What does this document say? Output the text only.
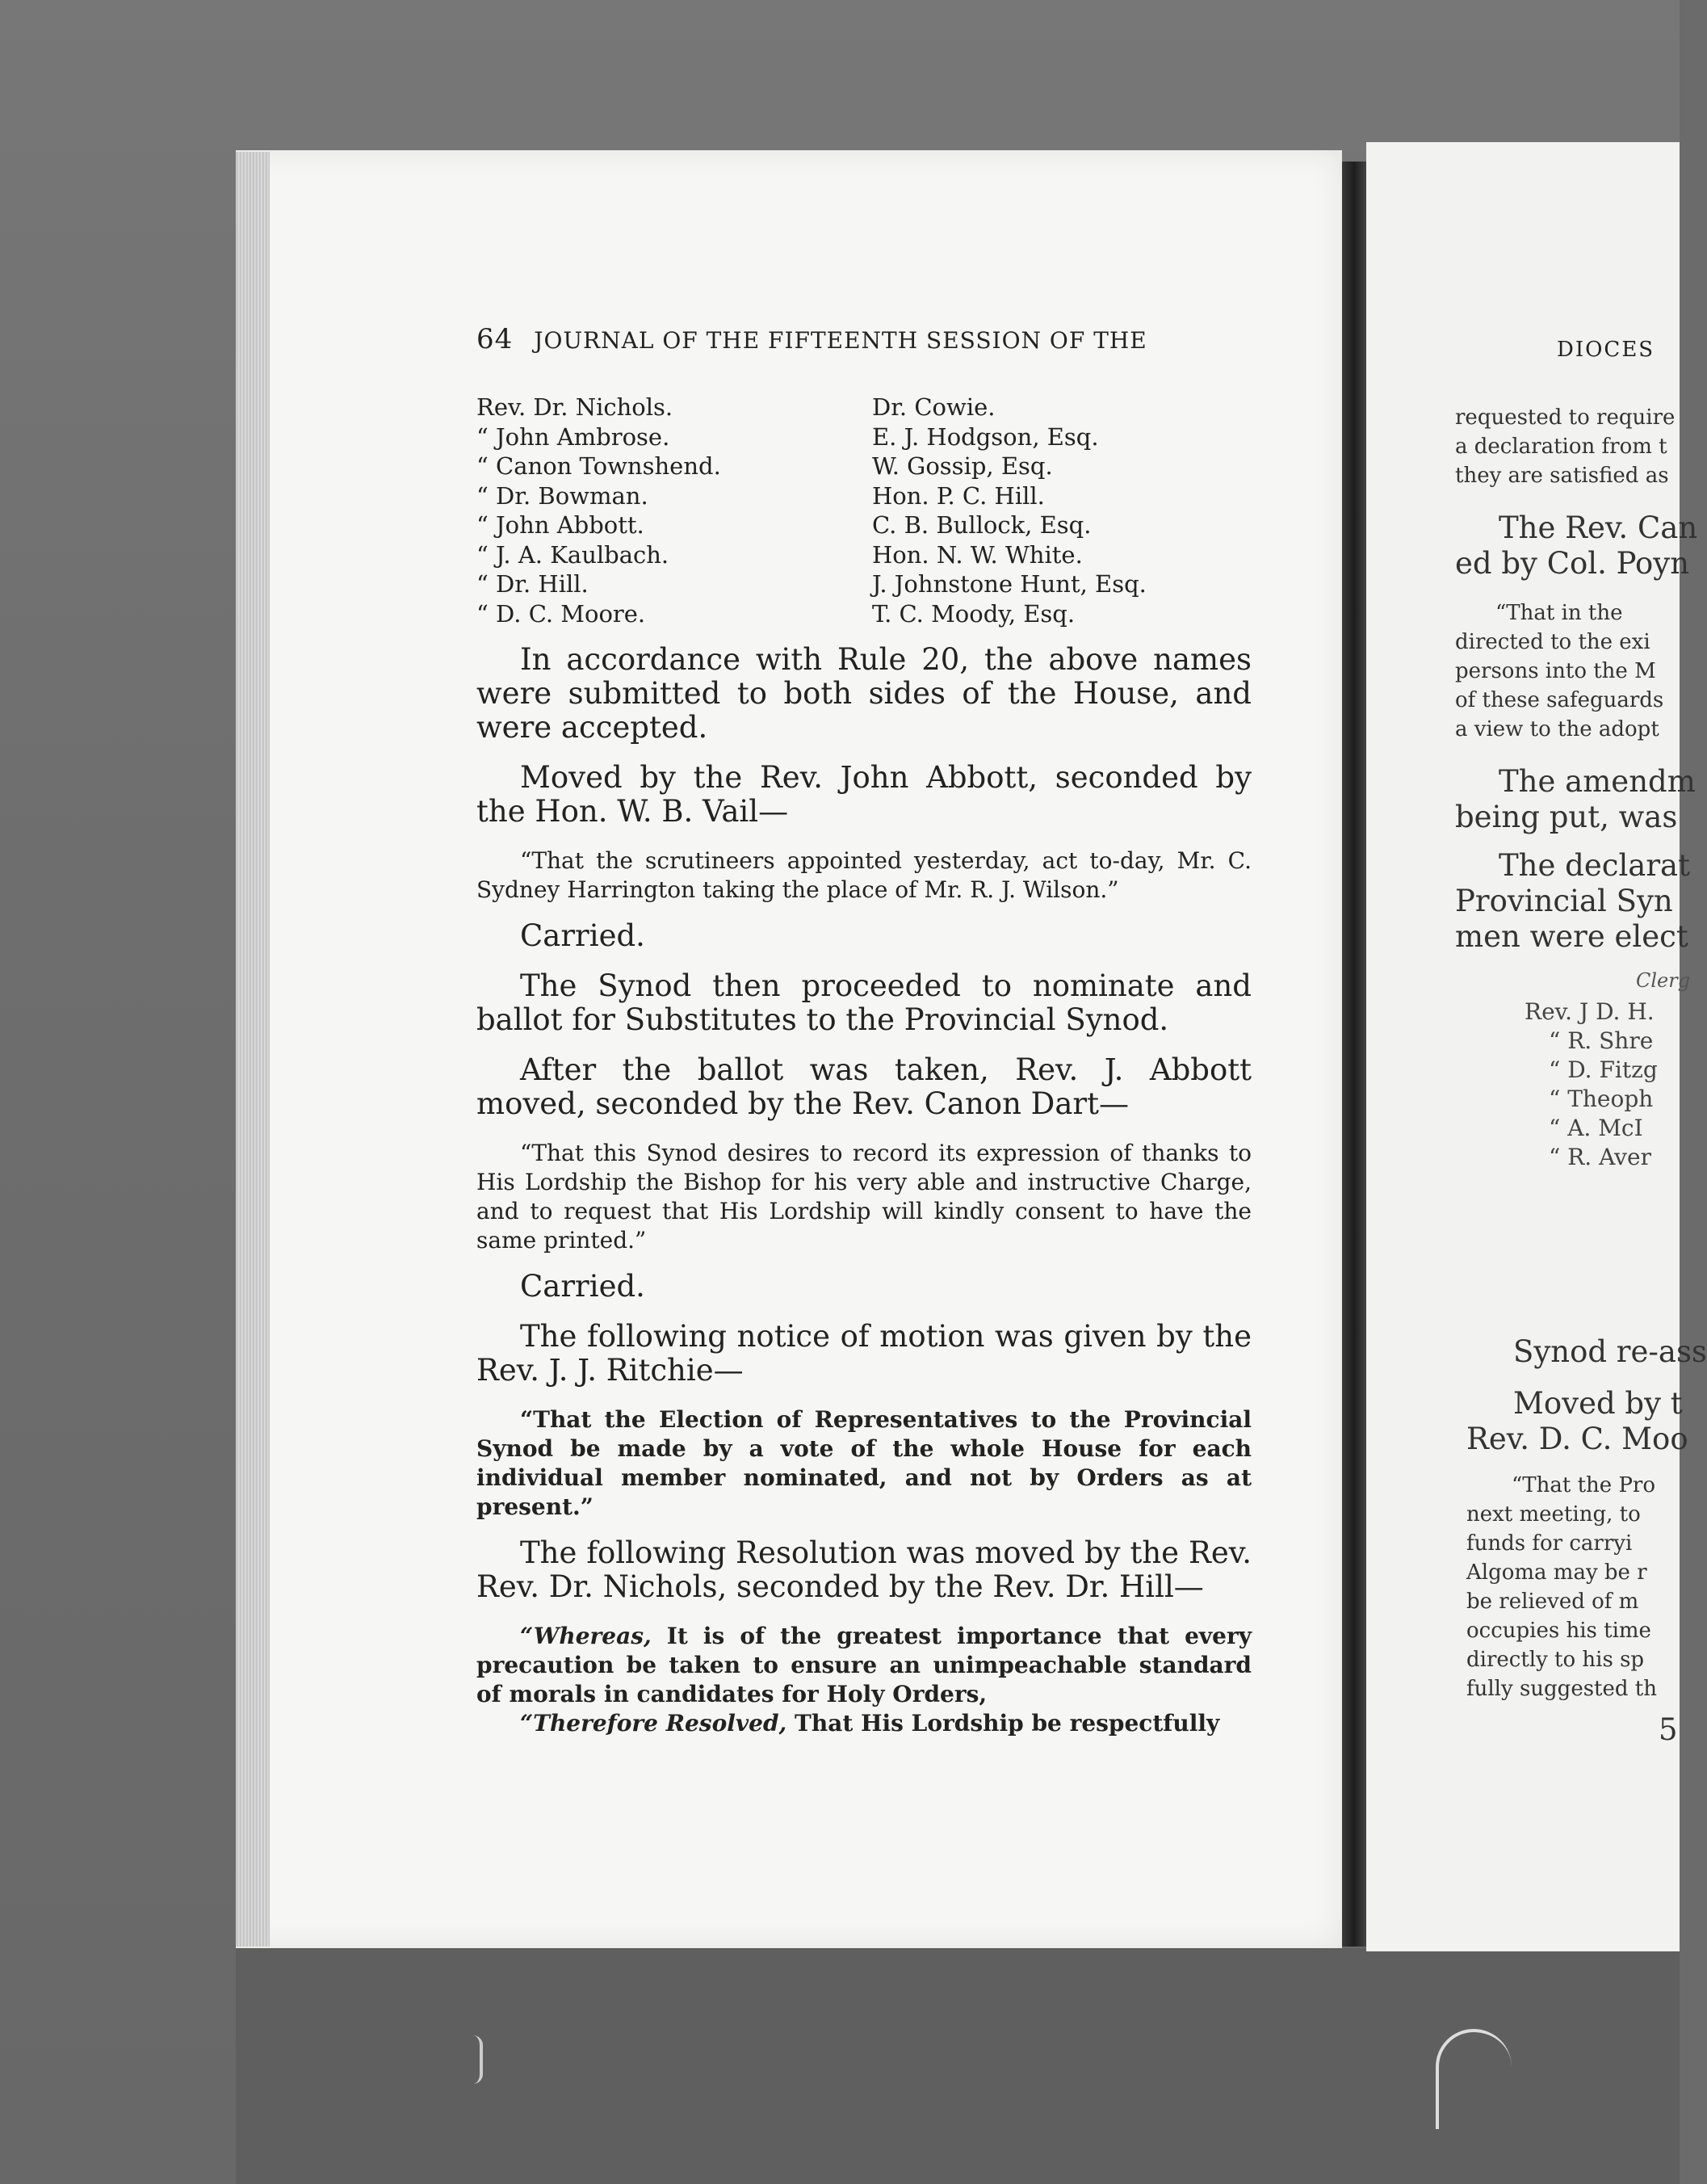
64 JOURNAL OF THE FIFTEENTH SESSION OF THE
Rev. Dr. Nichols.
“ John Ambrose.
“ Canon Townshend.
“ Dr. Bowman.
“ John Abbott.
“ J. A. Kaulbach.
“ Dr. Hill.
“ D. C. Moore.
Dr. Cowie.
E. J. Hodgson, Esq.
W. Gossip, Esq.
Hon. P. C. Hill.
C. B. Bullock, Esq.
Hon. N. W. White.
J. Johnstone Hunt, Esq.
T. C. Moody, Esq.

In accordance with Rule 20, the above names were submitted to both sides of the House, and were accepted.

Moved by the Rev. John Abbott, seconded by the Hon. W. B. Vail—

“That the scrutineers appointed yesterday, act to-day, Mr. C. Sydney Harrington taking the place of Mr. R. J. Wilson.”

Carried.

The Synod then proceeded to nominate and ballot for Substitutes to the Provincial Synod.

After the ballot was taken, Rev. J. Abbott moved, seconded by the Rev. Canon Dart—

“That this Synod desires to record its expression of thanks to His Lordship the Bishop for his very able and instructive Charge, and to request that His Lordship will kindly consent to have the same printed.”

Carried.

The following notice of motion was given by the Rev. J. J. Ritchie—

“That the Election of Representatives to the Provincial Synod be made by a vote of the whole House for each individual member nominated, and not by Orders as at present.”

The following Resolution was moved by the Rev. Rev. Dr. Nichols, seconded by the Rev. Dr. Hill—

“Whereas, It is of the greatest importance that every precaution be taken to ensure an unimpeachable standard of morals in candidates for Holy Orders,

“Therefore Resolved, That His Lordship be respectfully

DIOCES
requested to require
a declaration from t
they are satisfied as
The Rev. Can
ed by Col. Poyn
“That in the
directed to the exi
persons into the M
of these safeguards
a view to the adopt
The amendm
being put, was
The declarat
Provincial Syn
men were elect
Clerg
Rev. J D. H.
“ R. Shre
“ D. Fitzg
“ Theoph
“ A. McI
“ R. Aver
Synod re-ass
Moved by t
Rev. D. C. Moo
“That the Pro
next meeting, to
funds for carryi
Algoma may be r
be relieved of m
occupies his time
directly to his sp
fully suggested th
5
